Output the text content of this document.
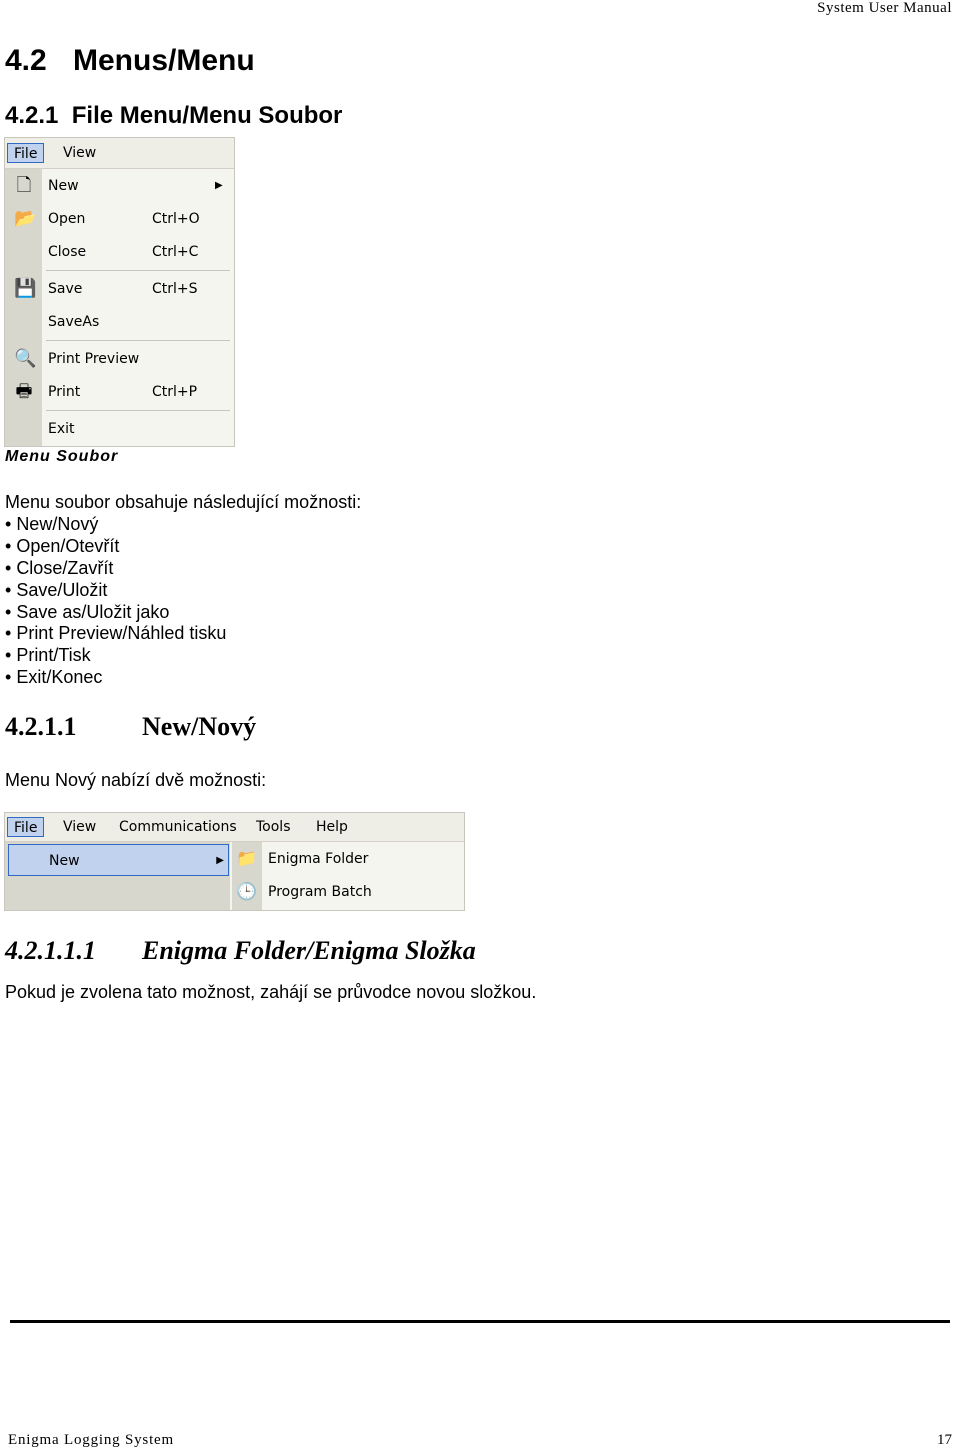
System User Manual
4.2 Menus/Menu
4.2.1 File Menu/Menu Soubor
File	View
🗋 New	▶
📂 Open	Ctrl+O
Close	Ctrl+C
💾 Save	Ctrl+S
SaveAs
🔍 Print Preview
🖶 Print	Ctrl+P
Exit
Menu Soubor
Menu soubor obsahuje následující možnosti:
• New/Nový
• Open/Otevřít
• Close/Zavřít
• Save/Uložit
• Save as/Uložit jako
• Print Preview/Náhled tisku
• Print/Tisk
• Exit/Konec
4.2.1.1	New/Nový
Menu Nový nabízí dvě možnosti:
File	View	Communications	Tools	Help
New	▶ 📁 Enigma Folder
🕒 Program Batch
4.2.1.1.1 Enigma Folder/Enigma Složka
Pokud je zvolena tato možnost, zahájí se průvodce novou složkou.
Enigma Logging System	17
